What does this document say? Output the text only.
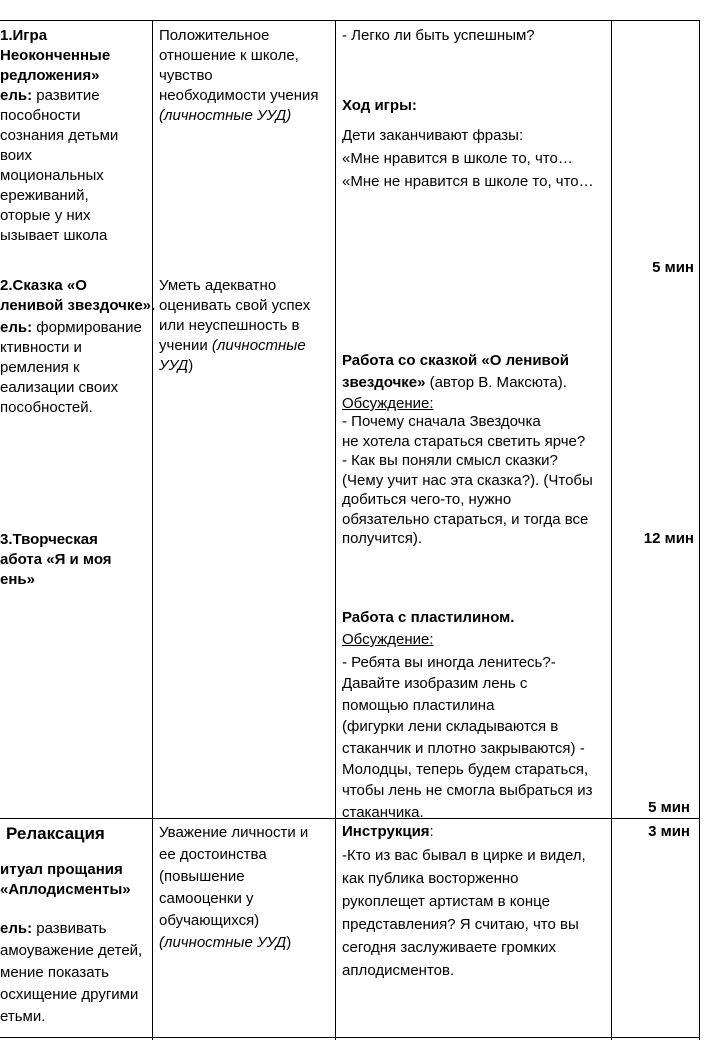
1.Игра
Неоконченные
редложения»
ель: развитие
пособности
сознания детьми
воих
моциональных
ереживаний,
оторые у них
ызывает школа
2.Сказка «О
ленивой звездочке».
ель: формирование
ктивности и
ремления к
еализации своих
пособностей.
3.Творческая
абота «Я и моя
ень»
Релаксация
итуал прощания
«Аплодисменты»
ель: развивать
амоуважение детей,
мение показать
осхищение другими
етьми.
Положительное
отношение к школе,
чувство
необходимости учения
(личностные УУД)
Уметь адекватно
оценивать свой успех
или неуспешность в
учении (личностные
УУД)
Уважение личности и
ее достоинства
(повышение
самооценки у
обучающихся)
(личностные УУД)
- Легко ли быть успешным?
Ход игры:
Дети заканчивают фразы:
«Мне нравится в школе то, что…
«Мне не нравится в школе то, что…
Работа со сказкой «О ленивой
звездочке» (автор В. Максюта).
Обсуждение:
- Почему сначала Звездочка
не хотела стараться светить ярче?
- Как вы поняли смысл сказки?
(Чему учит нас эта сказка?). (Чтобы
добиться чего-то, нужно
обязательно стараться, и тогда все
получится).
Работа с пластилином.
Обсуждение:
- Ребята вы иногда ленитесь?-
Давайте изобразим лень с
помощью пластилина
(фигурки лени складываются в
стаканчик и плотно закрываются) -
Молодцы, теперь будем стараться,
чтобы лень не смогла выбраться из
стаканчика.
Инструкция:
-Кто из вас бывал в цирке и видел,
как публика восторженно
рукоплещет артистам в конце
представления? Я считаю, что вы
сегодня заслуживаете громких
аплодисментов.
5 мин
12 мин
5 мин
3 мин
